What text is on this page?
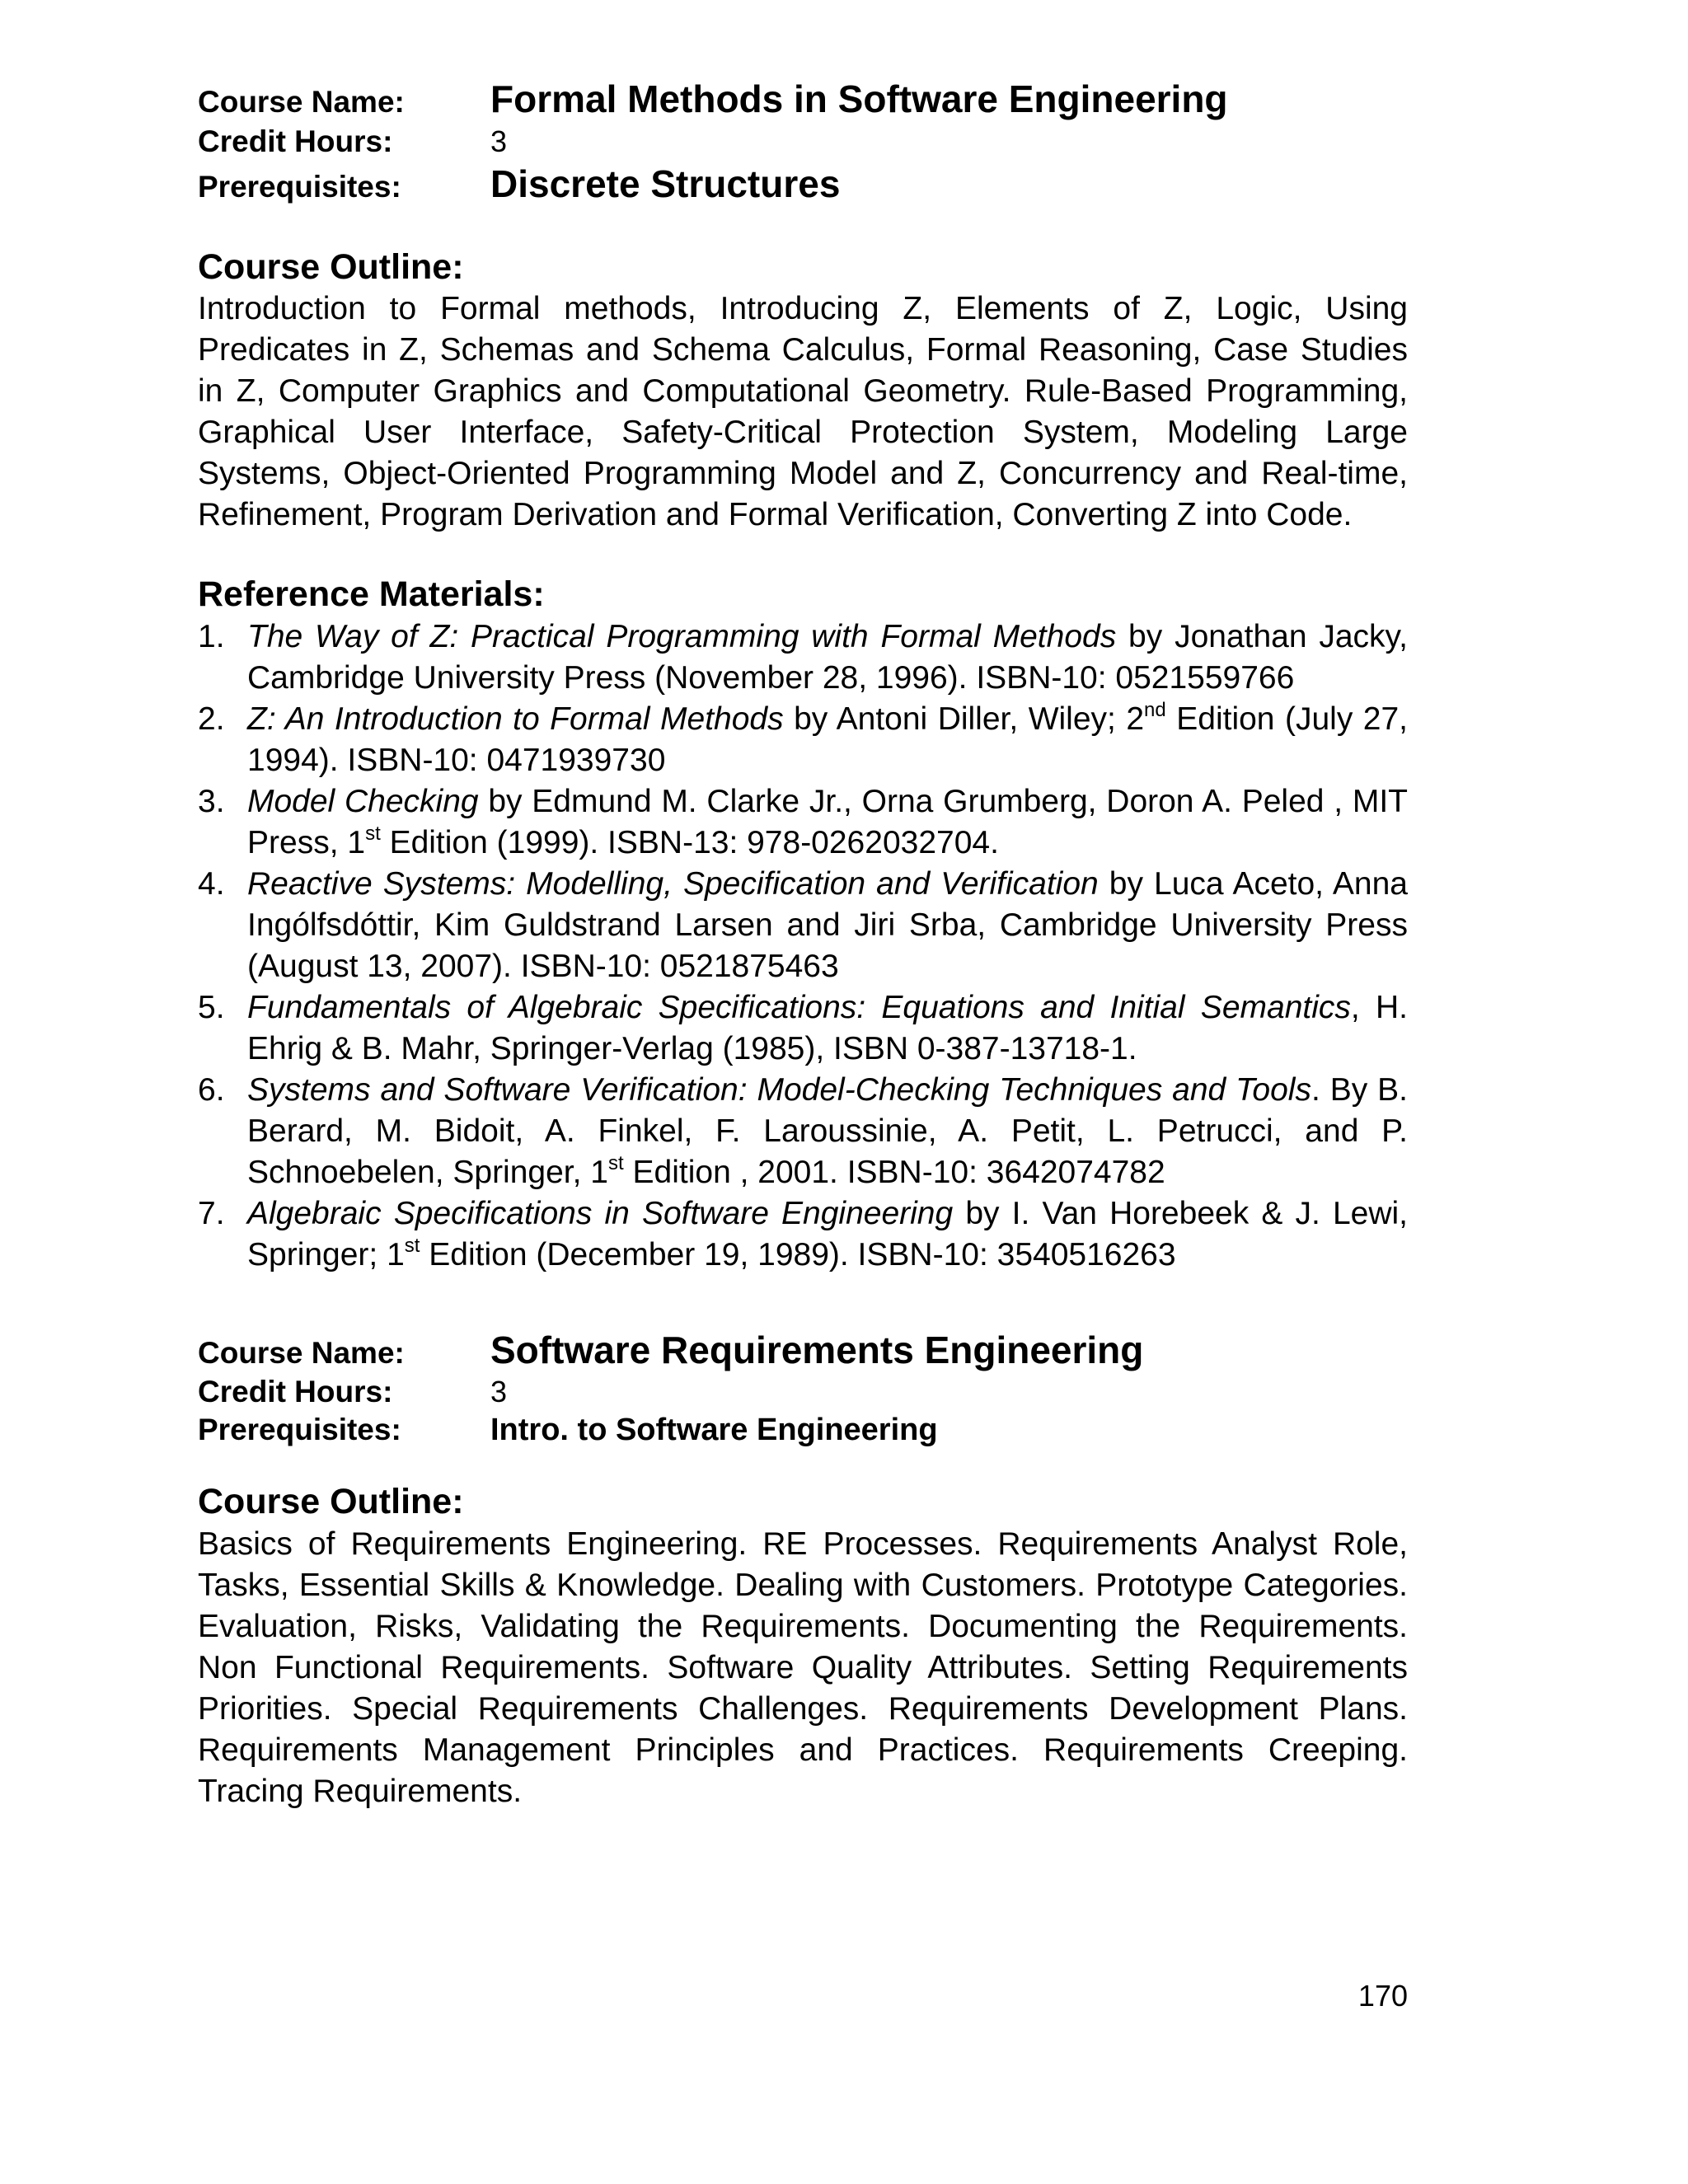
Course Name:	Formal Methods in Software Engineering
Credit Hours:	3
Prerequisites:	Discrete Structures
Course Outline:

Introduction to Formal methods, Introducing Z, Elements of Z, Logic, Using Predicates in Z, Schemas and Schema Calculus, Formal Reasoning, Case Studies in Z, Computer Graphics and Computational Geometry. Rule-Based Programming, Graphical User Interface, Safety-Critical Protection System, Modeling Large Systems, Object-Oriented Programming Model and Z, Concurrency and Real-time, Refinement, Program Derivation and Formal Verification, Converting Z into Code.

Reference Materials:
1. The Way of Z: Practical Programming with Formal Methods by Jonathan Jacky, Cambridge University Press (November 28, 1996). ISBN-10: 0521559766
2. Z: An Introduction to Formal Methods by Antoni Diller, Wiley; 2nd Edition (July 27, 1994). ISBN-10: 0471939730
3. Model Checking by Edmund M. Clarke Jr., Orna Grumberg, Doron A. Peled , MIT Press, 1st Edition (1999). ISBN-13: 978-0262032704.
4. Reactive Systems: Modelling, Specification and Verification by Luca Aceto, Anna Ingólfsdóttir, Kim Guldstrand Larsen and Jiri Srba, Cambridge University Press (August 13, 2007). ISBN-10: 0521875463
5. Fundamentals of Algebraic Specifications: Equations and Initial Semantics, H. Ehrig & B. Mahr, Springer-Verlag (1985), ISBN 0-387-13718-1.
6. Systems and Software Verification: Model-Checking Techniques and Tools. By B. Berard, M. Bidoit, A. Finkel, F. Laroussinie, A. Petit, L. Petrucci, and P. Schnoebelen, Springer, 1st Edition , 2001. ISBN-10: 3642074782
7. Algebraic Specifications in Software Engineering by I. Van Horebeek & J. Lewi, Springer; 1st Edition (December 19, 1989). ISBN-10: 3540516263
Course Name:	Software Requirements Engineering
Credit Hours:	3
Prerequisites:	Intro. to Software Engineering
Course Outline:

Basics of Requirements Engineering. RE Processes. Requirements Analyst Role, Tasks, Essential Skills & Knowledge. Dealing with Customers. Prototype Categories. Evaluation, Risks, Validating the Requirements. Documenting the Requirements. Non Functional Requirements. Software Quality Attributes. Setting Requirements Priorities. Special Requirements Challenges. Requirements Development Plans. Requirements Management Principles and Practices. Requirements Creeping. Tracing Requirements.

170
